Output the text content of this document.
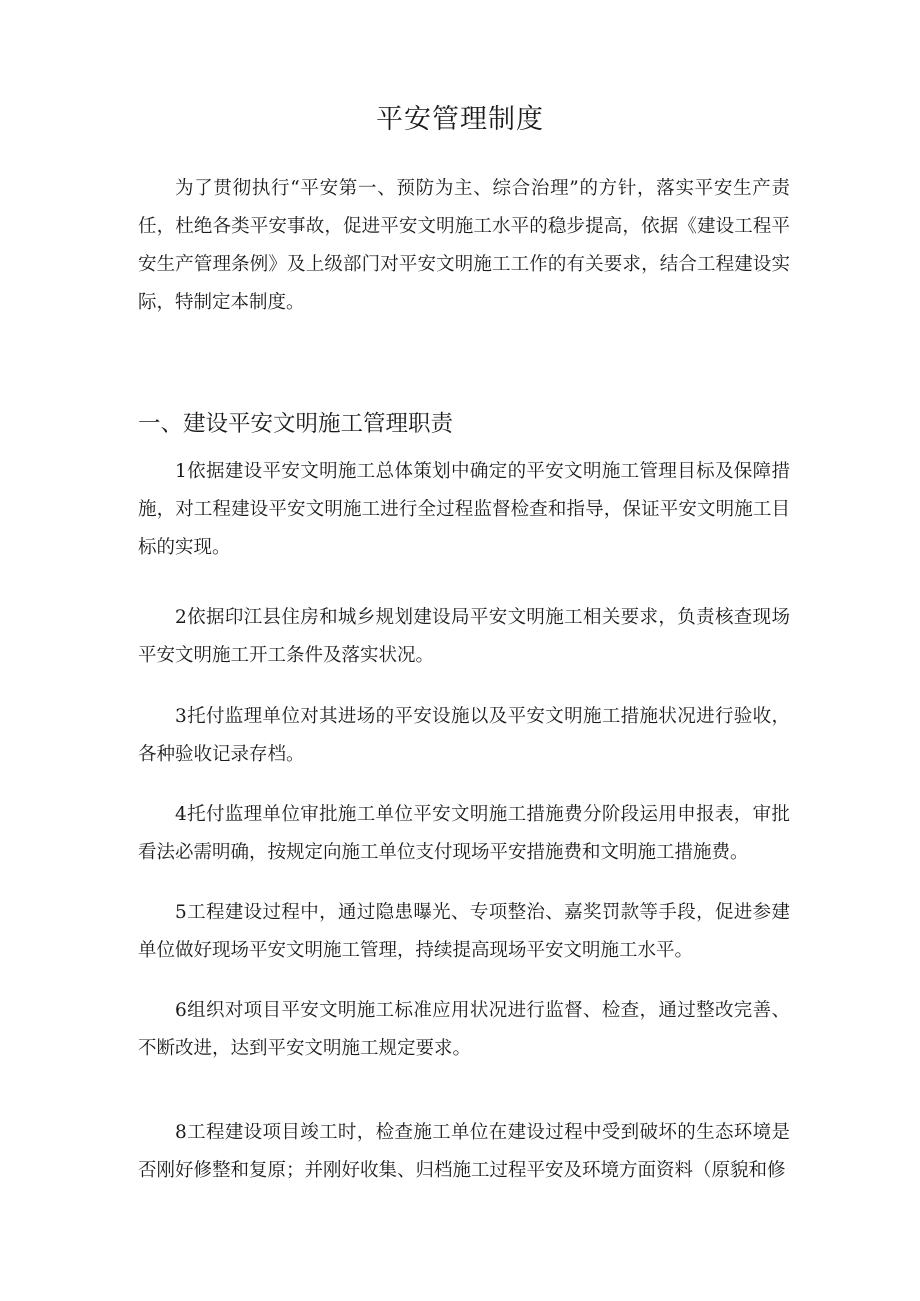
平安管理制度

为了贯彻执行“平安第一、预防为主、综合治理”的方针，落实平安生产责任，杜绝各类平安事故，促进平安文明施工水平的稳步提高，依据《建设工程平安生产管理条例》及上级部门对平安文明施工工作的有关要求，结合工程建设实际，特制定本制度。

一、建设平安文明施工管理职责

1依据建设平安文明施工总体策划中确定的平安文明施工管理目标及保障措施，对工程建设平安文明施工进行全过程监督检查和指导，保证平安文明施工目标的实现。

2依据印江县住房和城乡规划建设局平安文明施工相关要求，负责核查现场平安文明施工开工条件及落实状况。

3托付监理单位对其进场的平安设施以及平安文明施工措施状况进行验收，各种验收记录存档。

4托付监理单位审批施工单位平安文明施工措施费分阶段运用申报表，审批看法必需明确，按规定向施工单位支付现场平安措施费和文明施工措施费。

5工程建设过程中，通过隐患曝光、专项整治、嘉奖罚款等手段，促进参建单位做好现场平安文明施工管理，持续提高现场平安文明施工水平。

6组织对项目平安文明施工标准应用状况进行监督、检查，通过整改完善、不断改进，达到平安文明施工规定要求。

8工程建设项目竣工时，检查施工单位在建设过程中受到破坏的生态环境是否刚好修整和复原；并刚好收集、归档施工过程平安及环境方面资料（原貌和修
